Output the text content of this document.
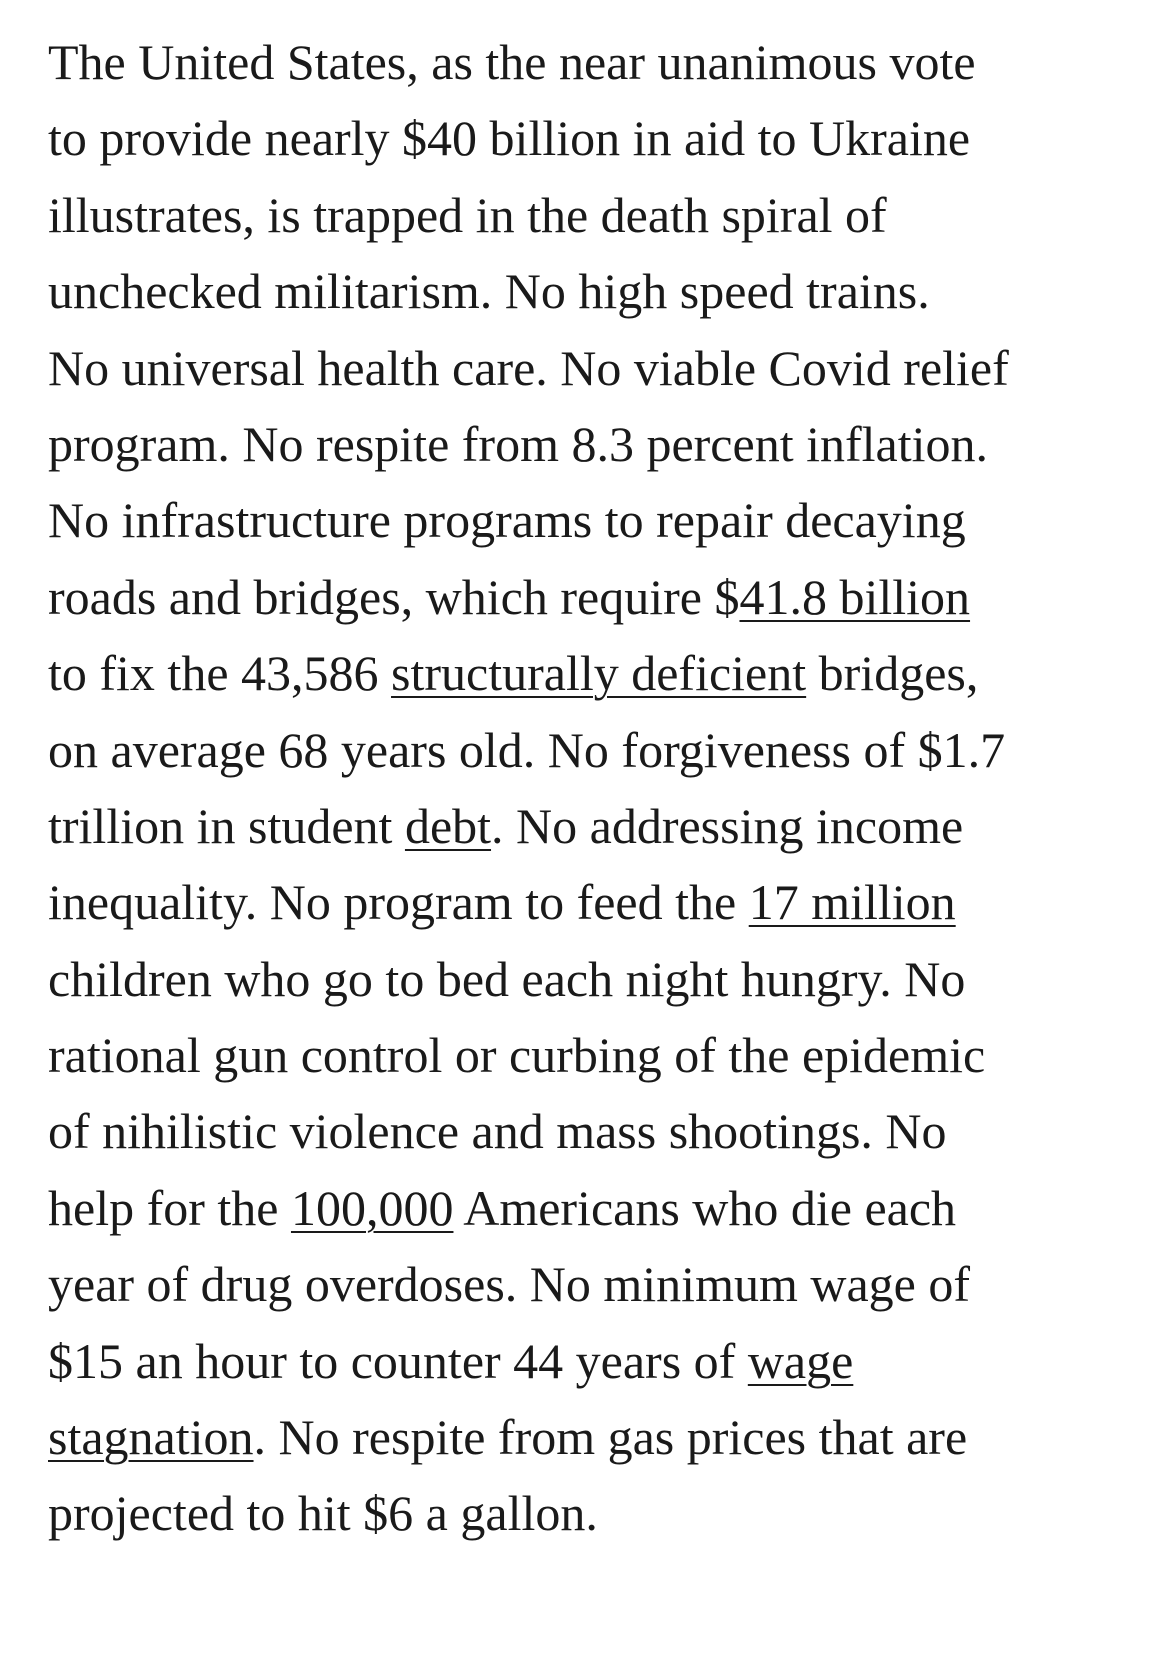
The United States, as the near unanimous vote
to provide nearly $40 billion in aid to Ukraine
illustrates, is trapped in the death spiral of
unchecked militarism. No high speed trains.
No universal health care. No viable Covid relief
program. No respite from 8.3 percent inflation.
No infrastructure programs to repair decaying
roads and bridges, which require $41.8 billion
to fix the 43,586 structurally deficient bridges,
on average 68 years old. No forgiveness of $1.7
trillion in student debt. No addressing income
inequality. No program to feed the 17 million
children who go to bed each night hungry. No
rational gun control or curbing of the epidemic
of nihilistic violence and mass shootings. No
help for the 100,000 Americans who die each
year of drug overdoses. No minimum wage of
$15 an hour to counter 44 years of wage
stagnation. No respite from gas prices that are
projected to hit $6 a gallon.
